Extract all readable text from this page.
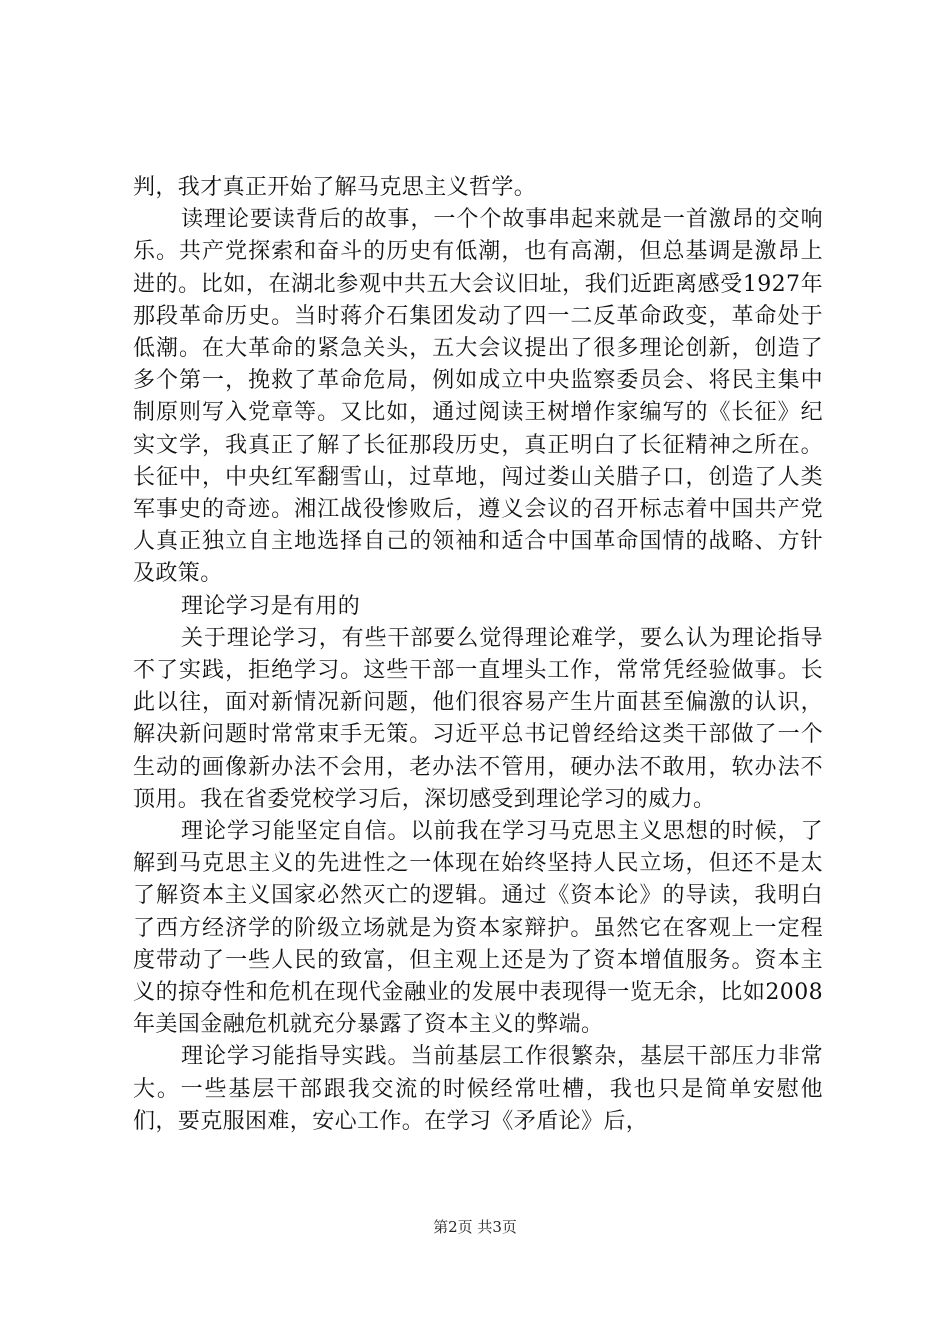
判，我才真正开始了解马克思主义哲学。

读理论要读背后的故事，一个个故事串起来就是一首激昂的交响乐。共产党探索和奋斗的历史有低潮，也有高潮，但总基调是激昂上进的。比如，在湖北参观中共五大会议旧址，我们近距离感受1927年那段革命历史。当时蒋介石集团发动了四一二反革命政变，革命处于低潮。在大革命的紧急关头，五大会议提出了很多理论创新，创造了多个第一，挽救了革命危局，例如成立中央监察委员会、将民主集中制原则写入党章等。又比如，通过阅读王树增作家编写的《长征》纪实文学，我真正了解了长征那段历史，真正明白了长征精神之所在。长征中，中央红军翻雪山，过草地，闯过娄山关腊子口，创造了人类军事史的奇迹。湘江战役惨败后，遵义会议的召开标志着中国共产党人真正独立自主地选择自己的领袖和适合中国革命国情的战略、方针及政策。

理论学习是有用的

关于理论学习，有些干部要么觉得理论难学，要么认为理论指导不了实践，拒绝学习。这些干部一直埋头工作，常常凭经验做事。长此以往，面对新情况新问题，他们很容易产生片面甚至偏激的认识，解决新问题时常常束手无策。习近平总书记曾经给这类干部做了一个生动的画像新办法不会用，老办法不管用，硬办法不敢用，软办法不顶用。我在省委党校学习后，深切感受到理论学习的威力。

理论学习能坚定自信。以前我在学习马克思主义思想的时候，了解到马克思主义的先进性之一体现在始终坚持人民立场，但还不是太了解资本主义国家必然灭亡的逻辑。通过《资本论》的导读，我明白了西方经济学的阶级立场就是为资本家辩护。虽然它在客观上一定程度带动了一些人民的致富，但主观上还是为了资本增值服务。资本主义的掠夺性和危机在现代金融业的发展中表现得一览无余，比如2008年美国金融危机就充分暴露了资本主义的弊端。

理论学习能指导实践。当前基层工作很繁杂，基层干部压力非常大。一些基层干部跟我交流的时候经常吐槽，我也只是简单安慰他们，要克服困难，安心工作。在学习《矛盾论》后，

第2页 共3页
